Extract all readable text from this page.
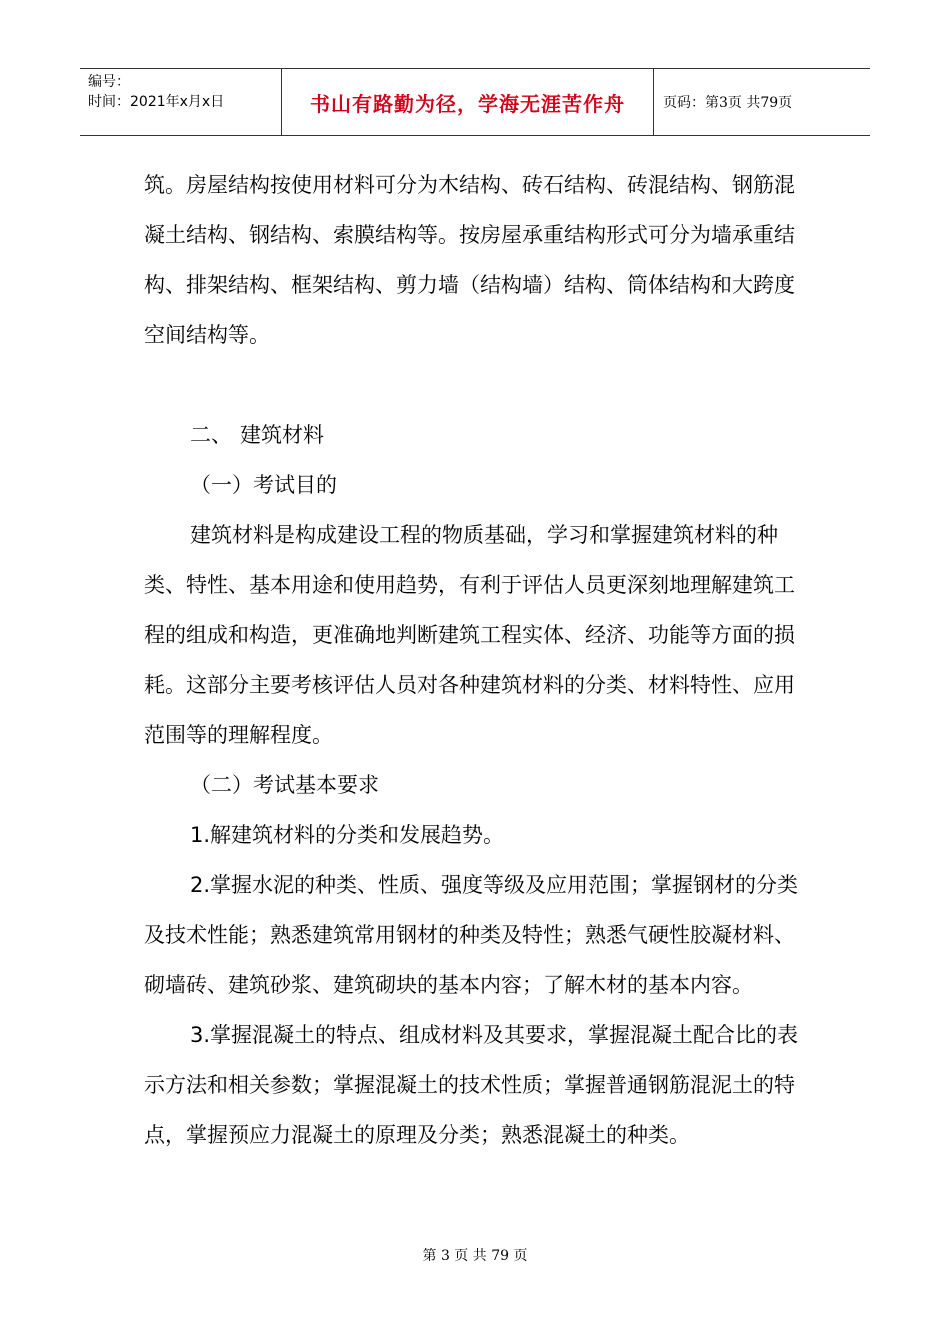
编号：
时间：2021年x月x日	书山有路勤为径，学海无涯苦作舟	页码：第3页 共79页

筑。房屋结构按使用材料可分为木结构、砖石结构、砖混结构、钢筋混凝土结构、钢结构、索膜结构等。按房屋承重结构形式可分为墙承重结构、排架结构、框架结构、剪力墙（结构墙）结构、筒体结构和大跨度空间结构等。

二、 建筑材料

（一）考试目的

建筑材料是构成建设工程的物质基础，学习和掌握建筑材料的种类、特性、基本用途和使用趋势，有利于评估人员更深刻地理解建筑工程的组成和构造，更准确地判断建筑工程实体、经济、功能等方面的损耗。这部分主要考核评估人员对各种建筑材料的分类、材料特性、应用范围等的理解程度。

（二）考试基本要求

1.解建筑材料的分类和发展趋势。

2.掌握水泥的种类、性质、强度等级及应用范围；掌握钢材的分类及技术性能；熟悉建筑常用钢材的种类及特性；熟悉气硬性胶凝材料、砌墙砖、建筑砂浆、建筑砌块的基本内容；了解木材的基本内容。

3.掌握混凝土的特点、组成材料及其要求，掌握混凝土配合比的表示方法和相关参数；掌握混凝土的技术性质；掌握普通钢筋混泥土的特点，掌握预应力混凝土的原理及分类；熟悉混凝土的种类。

第 3 页 共 79 页
